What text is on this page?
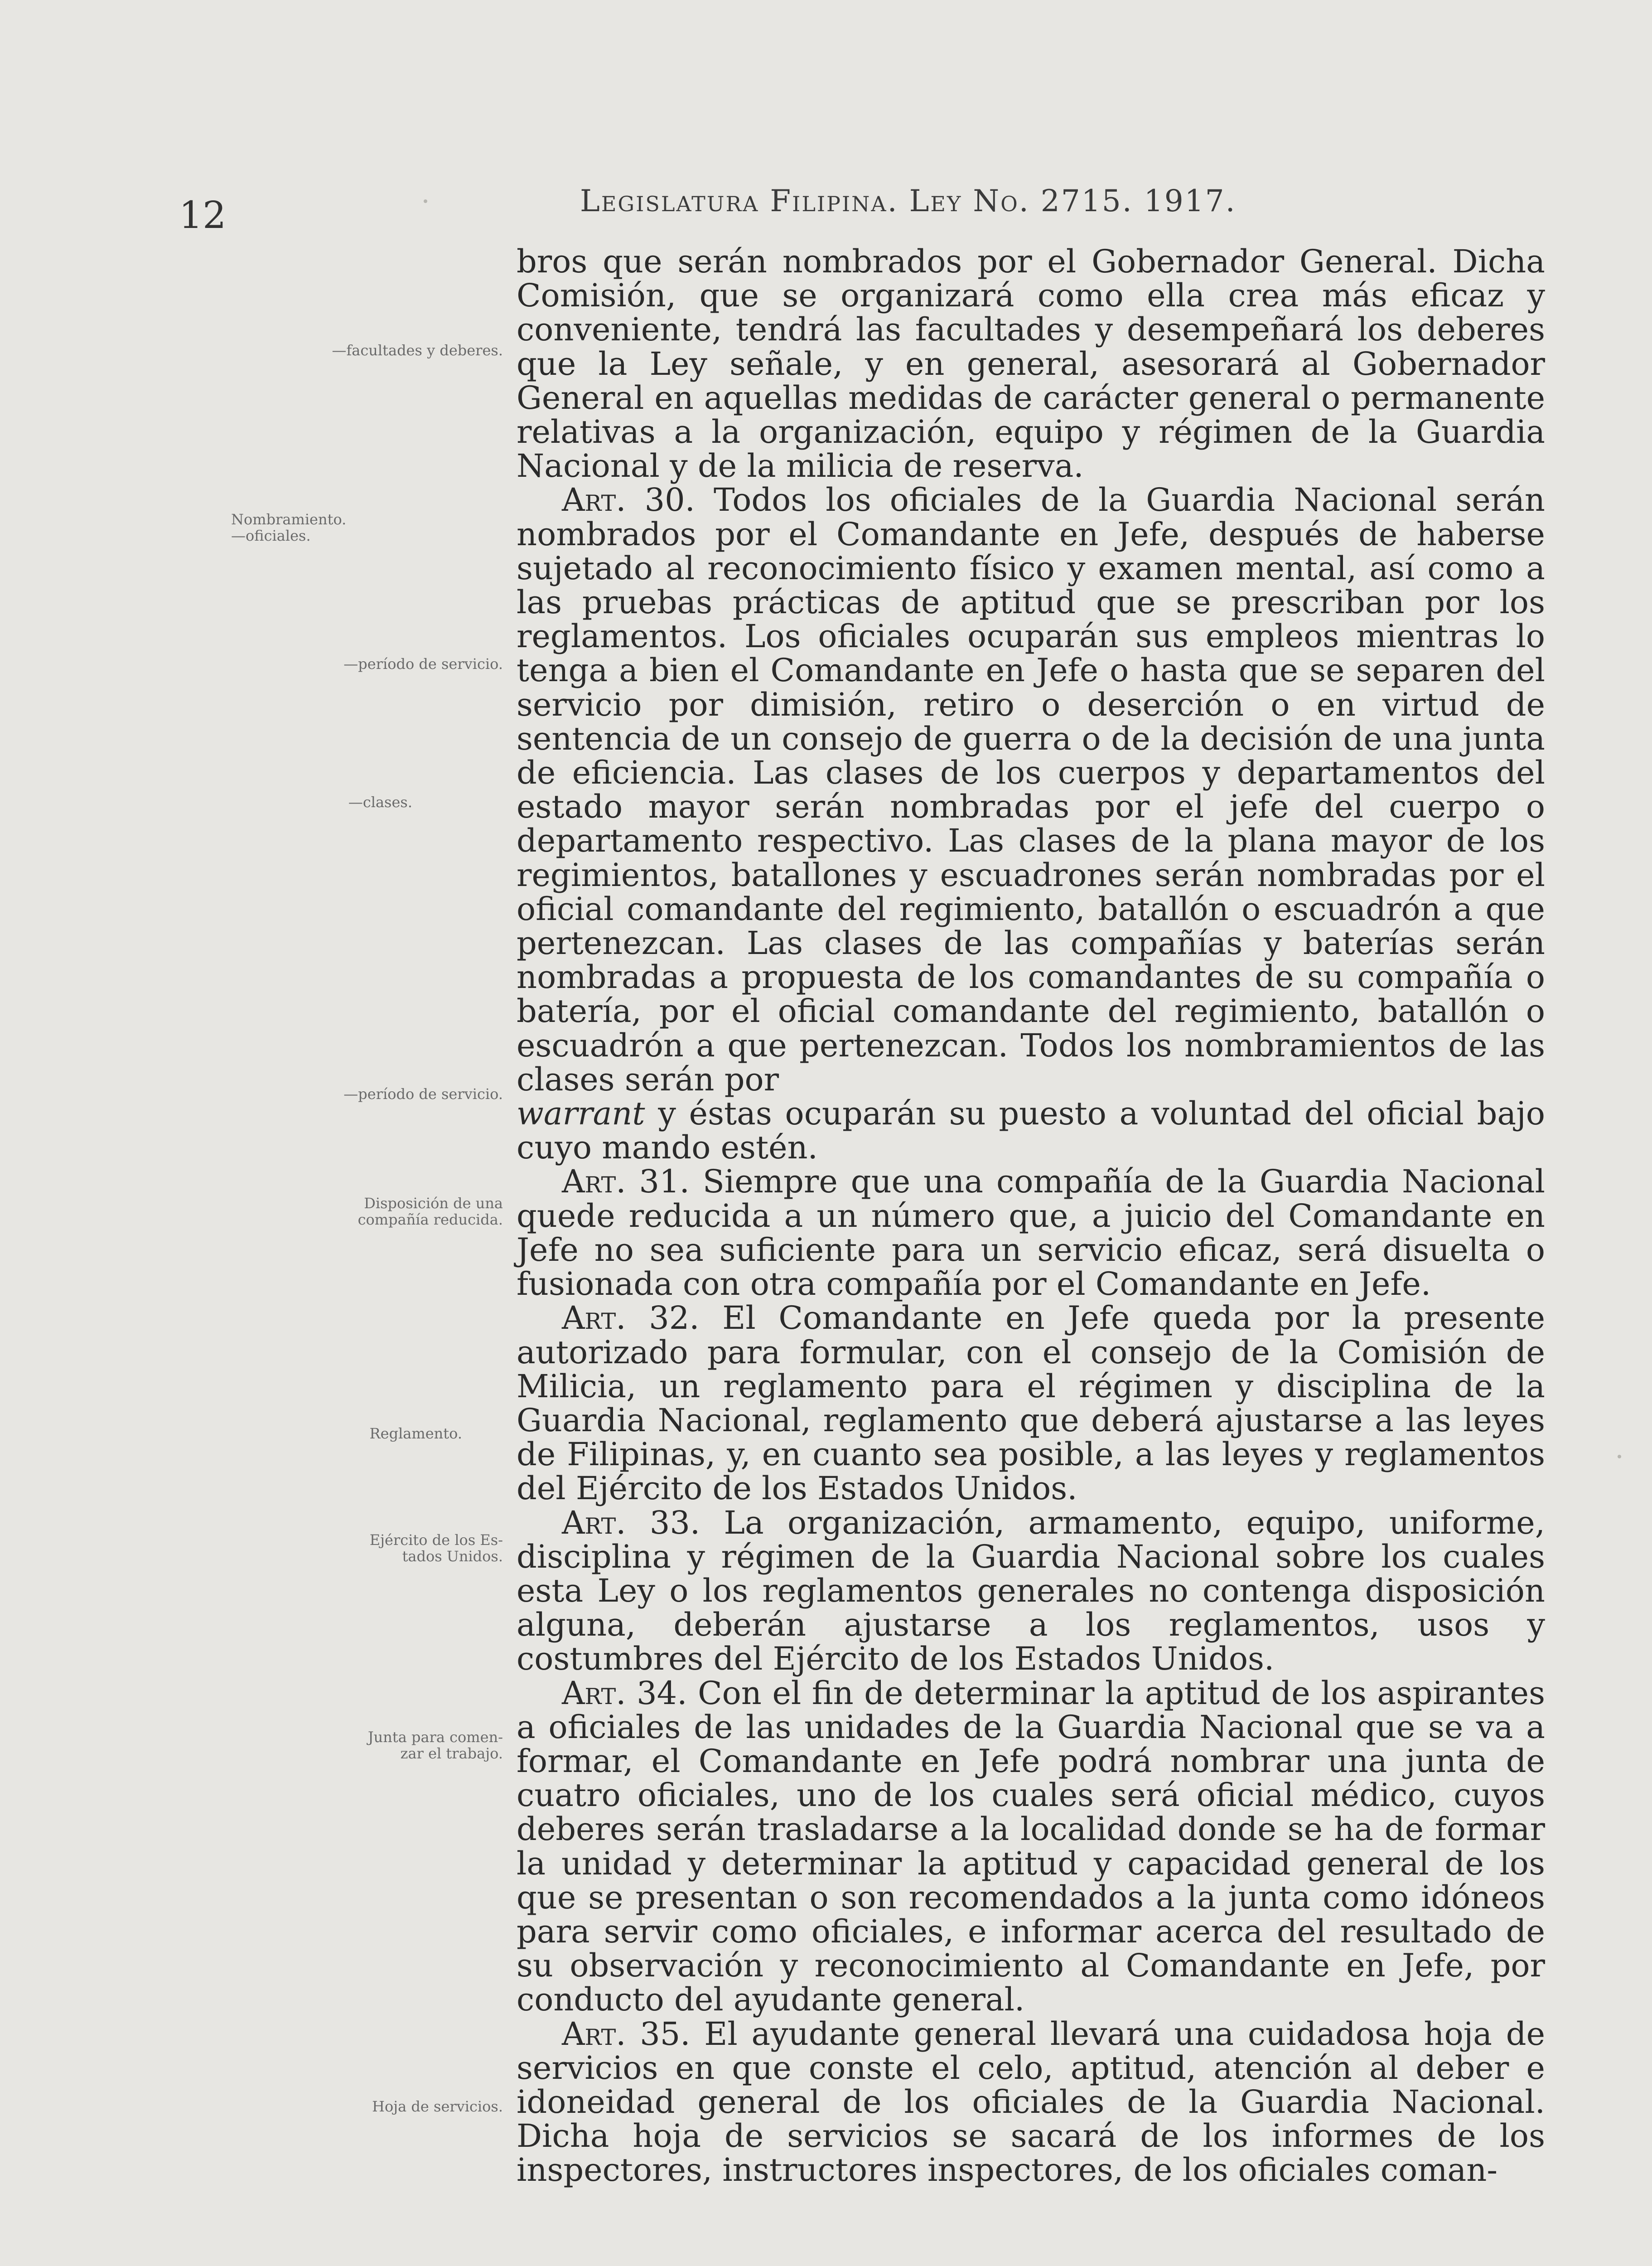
12	Legislatura Filipina. Ley No. 2715. 1917.
—facultades y deberes.
Nombramiento.
—oficiales.
—período de servicio.
—clases.
—período de servicio.
Disposición de una
compañía reducida.
Reglamento.
Ejército de los Es-
tados Unidos.
Junta para comen-
zar el trabajo.
Hoja de servicios.

bros que serán nombrados por el Gobernador General. Dicha Comisión, que se organizará como ella crea más eficaz y conveniente, tendrá las facultades y desempeñará los deberes que la Ley señale, y en general, asesorará al Gobernador General en aquellas medidas de carácter general o permanente relativas a la organización, equipo y régimen de la Guardia Nacional y de la milicia de reserva.

Art. 30. Todos los oficiales de la Guardia Nacional serán nombrados por el Comandante en Jefe, después de haberse sujetado al reconocimiento físico y examen mental, así como a las pruebas prácticas de aptitud que se prescriban por los reglamentos. Los oficiales ocuparán sus empleos mientras lo tenga a bien el Comandante en Jefe o hasta que se separen del servicio por dimisión, retiro o deserción o en virtud de sentencia de un consejo de guerra o de la decisión de una junta de eficiencia. Las clases de los cuerpos y departamentos del estado mayor serán nombradas por el jefe del cuerpo o departamento respectivo. Las clases de la plana mayor de los regimientos, batallones y escuadrones serán nombradas por el oficial comandante del regimiento, batallón o escuadrón a que pertenezcan. Las clases de las compañías y baterías serán nombradas a propuesta de los comandantes de su compañía o batería, por el oficial comandante del regimiento, batallón o escuadrón a que pertenezcan. Todos los nombramientos de las clases serán por

warrant y éstas ocuparán su puesto a voluntad del oficial bajo cuyo mando estén.

Art. 31. Siempre que una compañía de la Guardia Nacional quede reducida a un número que, a juicio del Comandante en Jefe no sea suficiente para un servicio eficaz, será disuelta o fusionada con otra compañía por el Comandante en Jefe.

Art. 32. El Comandante en Jefe queda por la presente autorizado para formular, con el consejo de la Comisión de Milicia, un reglamento para el régimen y disciplina de la Guardia Nacional, reglamento que deberá ajustarse a las leyes de Filipinas, y, en cuanto sea posible, a las leyes y reglamentos del Ejército de los Estados Unidos.

Art. 33. La organización, armamento, equipo, uniforme, disciplina y régimen de la Guardia Nacional sobre los cuales esta Ley o los reglamentos generales no contenga disposición alguna, deberán ajustarse a los reglamentos, usos y costumbres del Ejército de los Estados Unidos.

Art. 34. Con el fin de determinar la aptitud de los aspirantes a oficiales de las unidades de la Guardia Nacional que se va a formar, el Comandante en Jefe podrá nombrar una junta de cuatro oficiales, uno de los cuales será oficial médico, cuyos deberes serán trasladarse a la localidad donde se ha de formar la unidad y determinar la aptitud y capacidad general de los que se presentan o son recomendados a la junta como idóneos para servir como oficiales, e informar acerca del resultado de su observación y reconocimiento al Comandante en Jefe, por conducto del ayudante general.

Art. 35. El ayudante general llevará una cuidadosa hoja de servicios en que conste el celo, aptitud, atención al deber e idoneidad general de los oficiales de la Guardia Nacional. Dicha hoja de servicios se sacará de los informes de los inspectores, instructores inspectores, de los oficiales coman-
